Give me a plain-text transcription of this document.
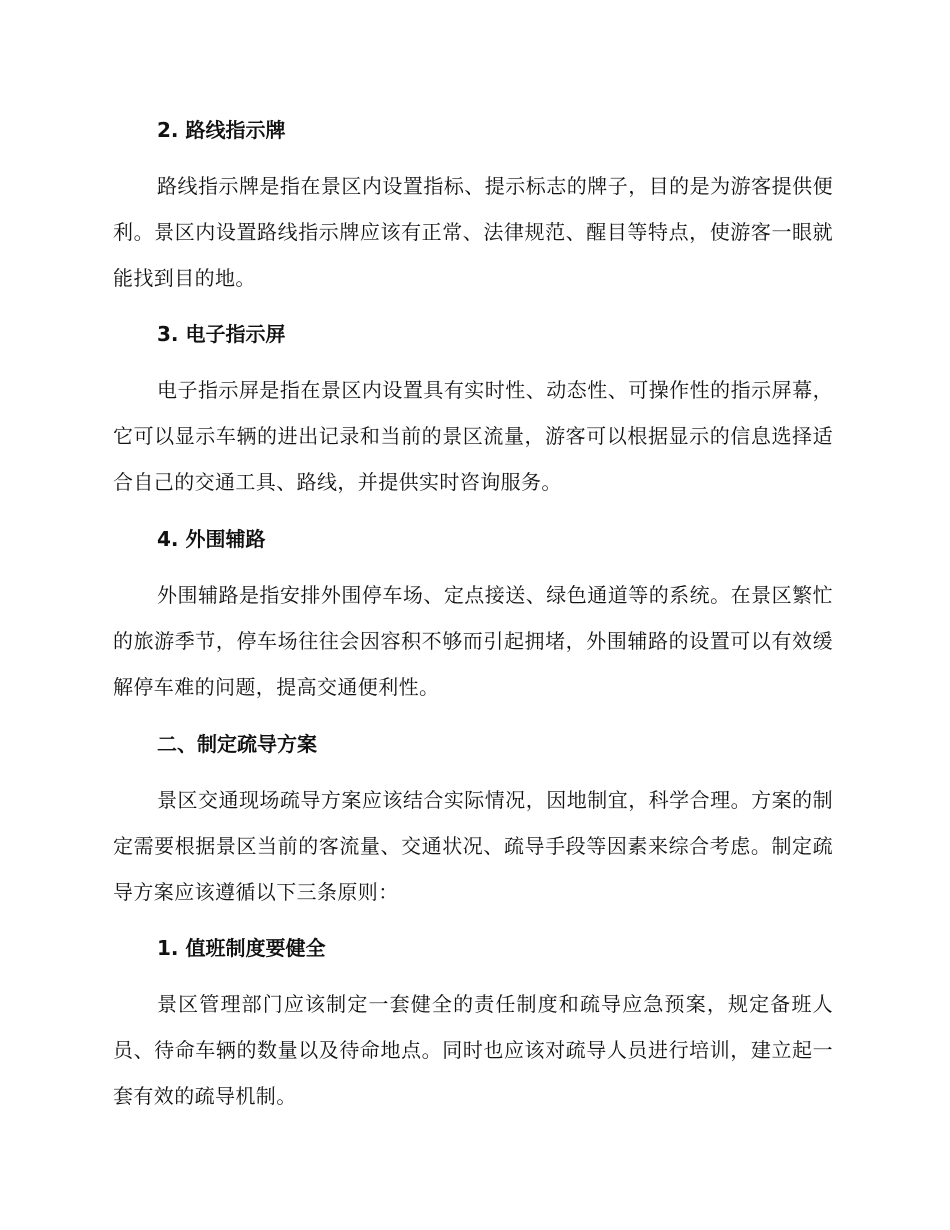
2. 路线指示牌

路线指示牌是指在景区内设置指标、提示标志的牌子，目的是为游客提供便利。景区内设置路线指示牌应该有正常、法律规范、醒目等特点，使游客一眼就能找到目的地。

3. 电子指示屏

电子指示屏是指在景区内设置具有实时性、动态性、可操作性的指示屏幕，它可以显示车辆的进出记录和当前的景区流量，游客可以根据显示的信息选择适合自己的交通工具、路线，并提供实时咨询服务。

4. 外围辅路

外围辅路是指安排外围停车场、定点接送、绿色通道等的系统。在景区繁忙的旅游季节，停车场往往会因容积不够而引起拥堵，外围辅路的设置可以有效缓解停车难的问题，提高交通便利性。

二、制定疏导方案

景区交通现场疏导方案应该结合实际情况，因地制宜，科学合理。方案的制定需要根据景区当前的客流量、交通状况、疏导手段等因素来综合考虑。制定疏导方案应该遵循以下三条原则：

1. 值班制度要健全

景区管理部门应该制定一套健全的责任制度和疏导应急预案，规定备班人员、待命车辆的数量以及待命地点。同时也应该对疏导人员进行培训，建立起一套有效的疏导机制。
